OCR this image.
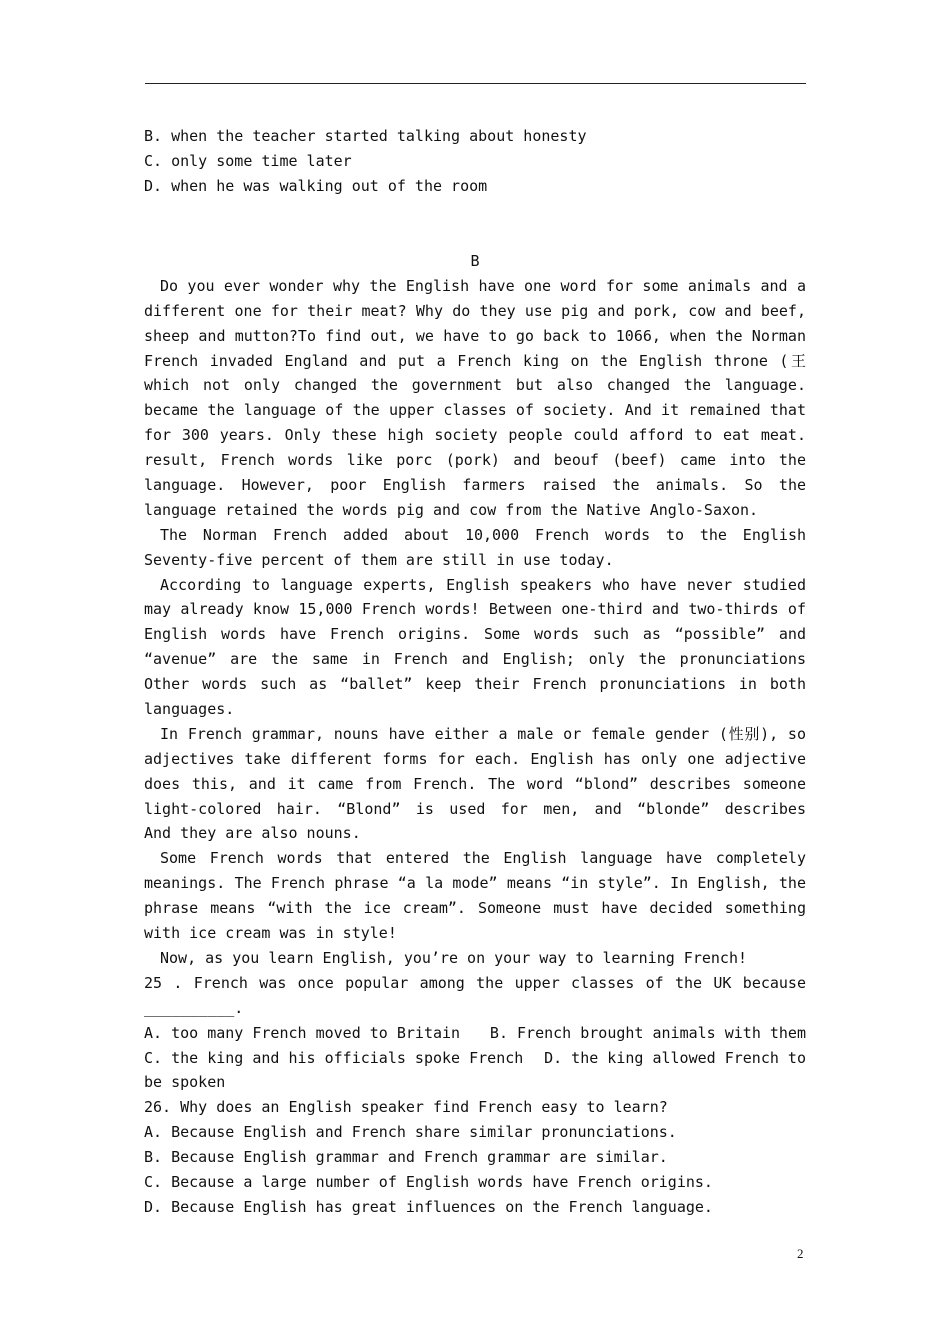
B. when the teacher started talking about honesty
C. only some time later
D. when he was walking out of the room
B
Do you ever wonder why the English have one word for some animals and a
different one for their meat? Why do they use pig and pork, cow and beef,
sheep and mutton?To find out, we have to go back to 1066, when the Norman
French invaded England and put a French king on the English throne (王
which not only changed the government but also changed the language.
became the language of the upper classes of society. And it remained that
for 300 years. Only these high society people could afford to eat meat.
result, French words like porc (pork) and beouf (beef) came into the
language. However, poor English farmers raised the animals. So the
language retained the words pig and cow from the Native Anglo-Saxon.
The Norman French added about 10,000 French words to the English
Seventy-five percent of them are still in use today.
According to language experts, English speakers who have never studied
may already know 15,000 French words! Between one-third and two-thirds of
English words have French origins. Some words such as “possible” and
“avenue” are the same in French and English; only the pronunciations
Other words such as “ballet” keep their French pronunciations in both
languages.
In French grammar, nouns have either a male or female gender (性别), so
adjectives take different forms for each. English has only one adjective
does this, and it came from French. The word “blond” describes someone
light-colored hair. “Blond” is used for men, and “blonde” describes
And they are also nouns.
Some French words that entered the English language have completely
meanings. The French phrase “a la mode” means “in style”. In English, the
phrase means “with the ice cream”. Someone must have decided something
with ice cream was in style!
Now, as you learn English, you’re on your way to learning French!
25 . French was once popular among the upper classes of the UK because
__________.
A. too many French moved to Britain B. French brought animals with them
C. the king and his officials spoke French D. the king allowed French to
be spoken
26. Why does an English speaker find French easy to learn?
A. Because English and French share similar pronunciations.
B. Because English grammar and French grammar are similar.
C. Because a large number of English words have French origins.
D. Because English has great influences on the French language.
2
